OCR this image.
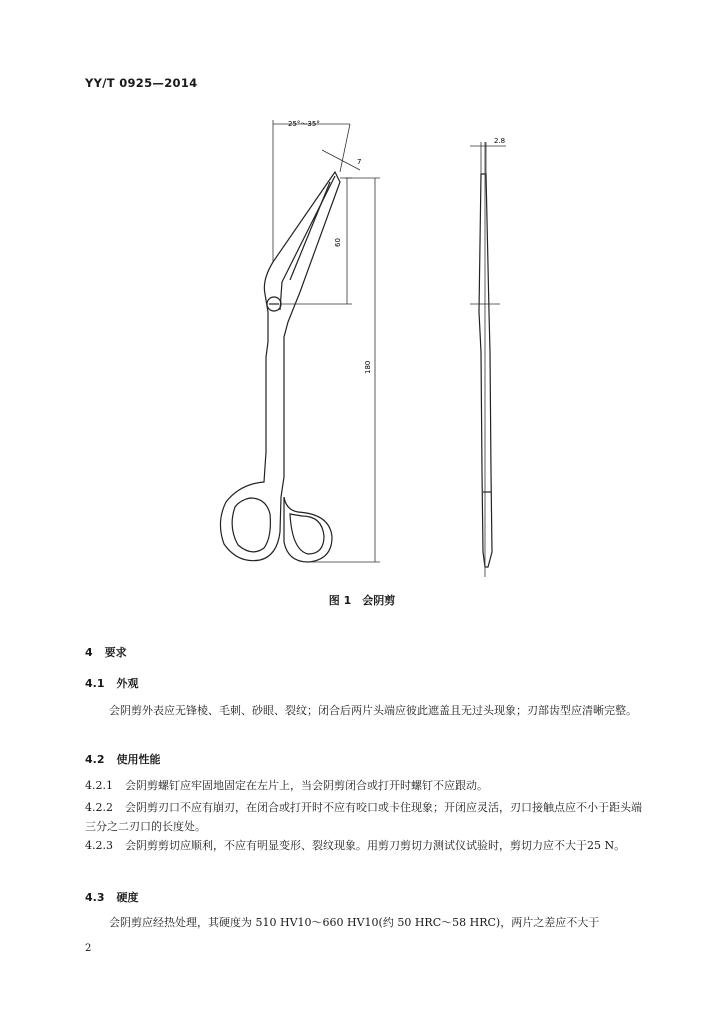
YY/T 0925—2014
25°～35°
7
60
180
2.8
图 1　会阴剪
4 要求
4.1 外观
会阴剪外表应无锋棱、毛刺、砂眼、裂纹；闭合后两片头端应彼此遮盖且无过头现象；刃部齿型应清晰完整。
4.2 使用性能
4.2.1 会阴剪螺钉应牢固地固定在左片上，当会阴剪闭合或打开时螺钉不应跟动。
4.2.2 会阴剪刃口不应有崩刃，在闭合或打开时不应有咬口或卡住现象；开闭应灵活，刃口接触点应不小于距头端三分之二刃口的长度处。
4.2.3 会阴剪剪切应顺利，不应有明显变形、裂纹现象。用剪刀剪切力测试仪试验时，剪切力应不大于25 N。
4.3 硬度
会阴剪应经热处理，其硬度为 510 HV10～660 HV10(约 50 HRC～58 HRC)，两片之差应不大于
2
